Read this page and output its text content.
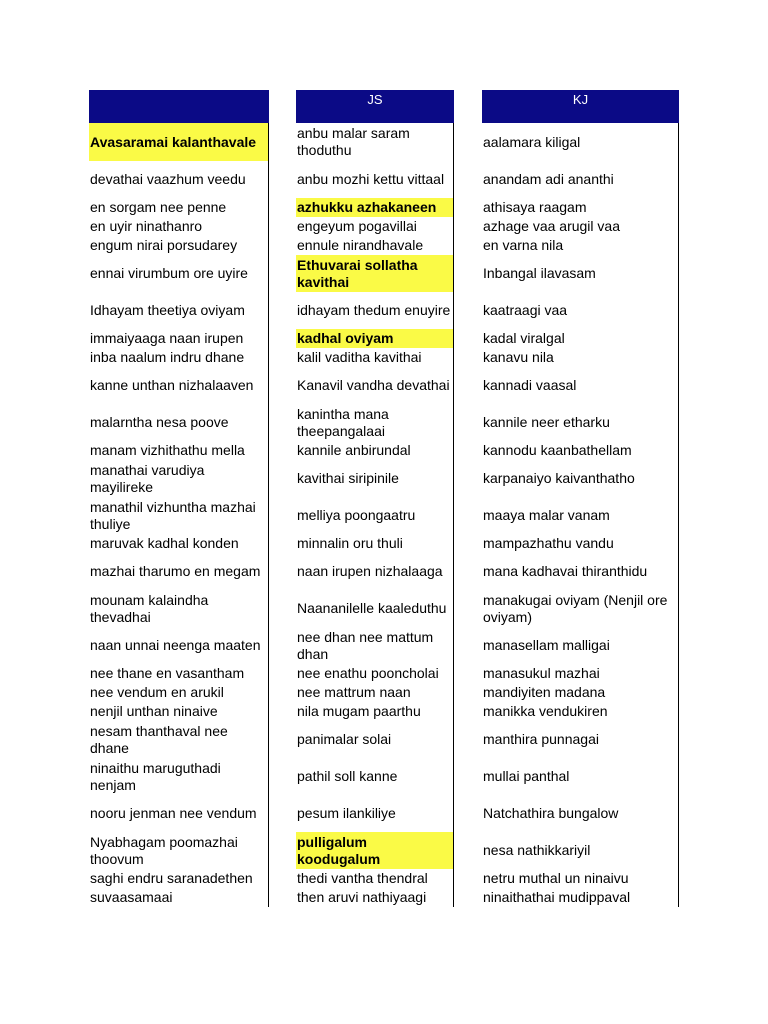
Avasaramai kalanthavale
devathai vaazhum veedu
en sorgam nee penne
en uyir ninathanro
engum nirai porsudarey
ennai virumbum ore uyire
Idhayam theetiya oviyam
immaiyaaga naan irupen
inba naalum indru dhane
kanne unthan nizhalaaven
malarntha nesa poove
manam vizhithathu mella
manathai varudiya mayilireke
manathil vizhuntha mazhai thuliye
maruvak kadhal konden
mazhai tharumo en megam
mounam kalaindha thevadhai
naan unnai neenga maaten
nee thane en vasantham
nee vendum en arukil
nenjil unthan ninaive
nesam thanthaval nee dhane
ninaithu maruguthadi nenjam
nooru jenman nee vendum
Nyabhagam poomazhai thoovum
saghi endru saranadethen
suvaasamaai
JS
anbu malar saram thoduthu
anbu mozhi kettu vittaal
azhukku azhakaneen
engeyum pogavillai
ennule nirandhavale
Ethuvarai sollatha kavithai
idhayam thedum enuyire
kadhal oviyam
kalil vaditha kavithai
Kanavil vandha devathai
kanintha mana theepangalaai
kannile anbirundal
kavithai siripinile
melliya poongaatru
minnalin oru thuli
naan irupen nizhalaaga
Naananilelle kaaleduthu
nee dhan nee mattum dhan
nee enathu pooncholai
nee mattrum naan
nila mugam paarthu
panimalar solai
pathil soll kanne
pesum ilankiliye
pulligalum koodugalum
thedi vantha thendral
then aruvi nathiyaagi
KJ
aalamara kiligal
anandam adi ananthi
athisaya raagam
azhage vaa arugil vaa
en varna nila
Inbangal ilavasam
kaatraagi vaa
kadal viralgal
kanavu nila
kannadi vaasal
kannile neer etharku
kannodu kaanbathellam
karpanaiyo kaivanthatho
maaya malar vanam
mampazhathu vandu
mana kadhavai thiranthidu
manakugai oviyam (Nenjil ore oviyam)
manasellam malligai
manasukul mazhai
mandiyiten madana
manikka vendukiren
manthira punnagai
mullai panthal
Natchathira bungalow
nesa nathikkariyil
netru muthal un ninaivu
ninaithathai mudippaval
